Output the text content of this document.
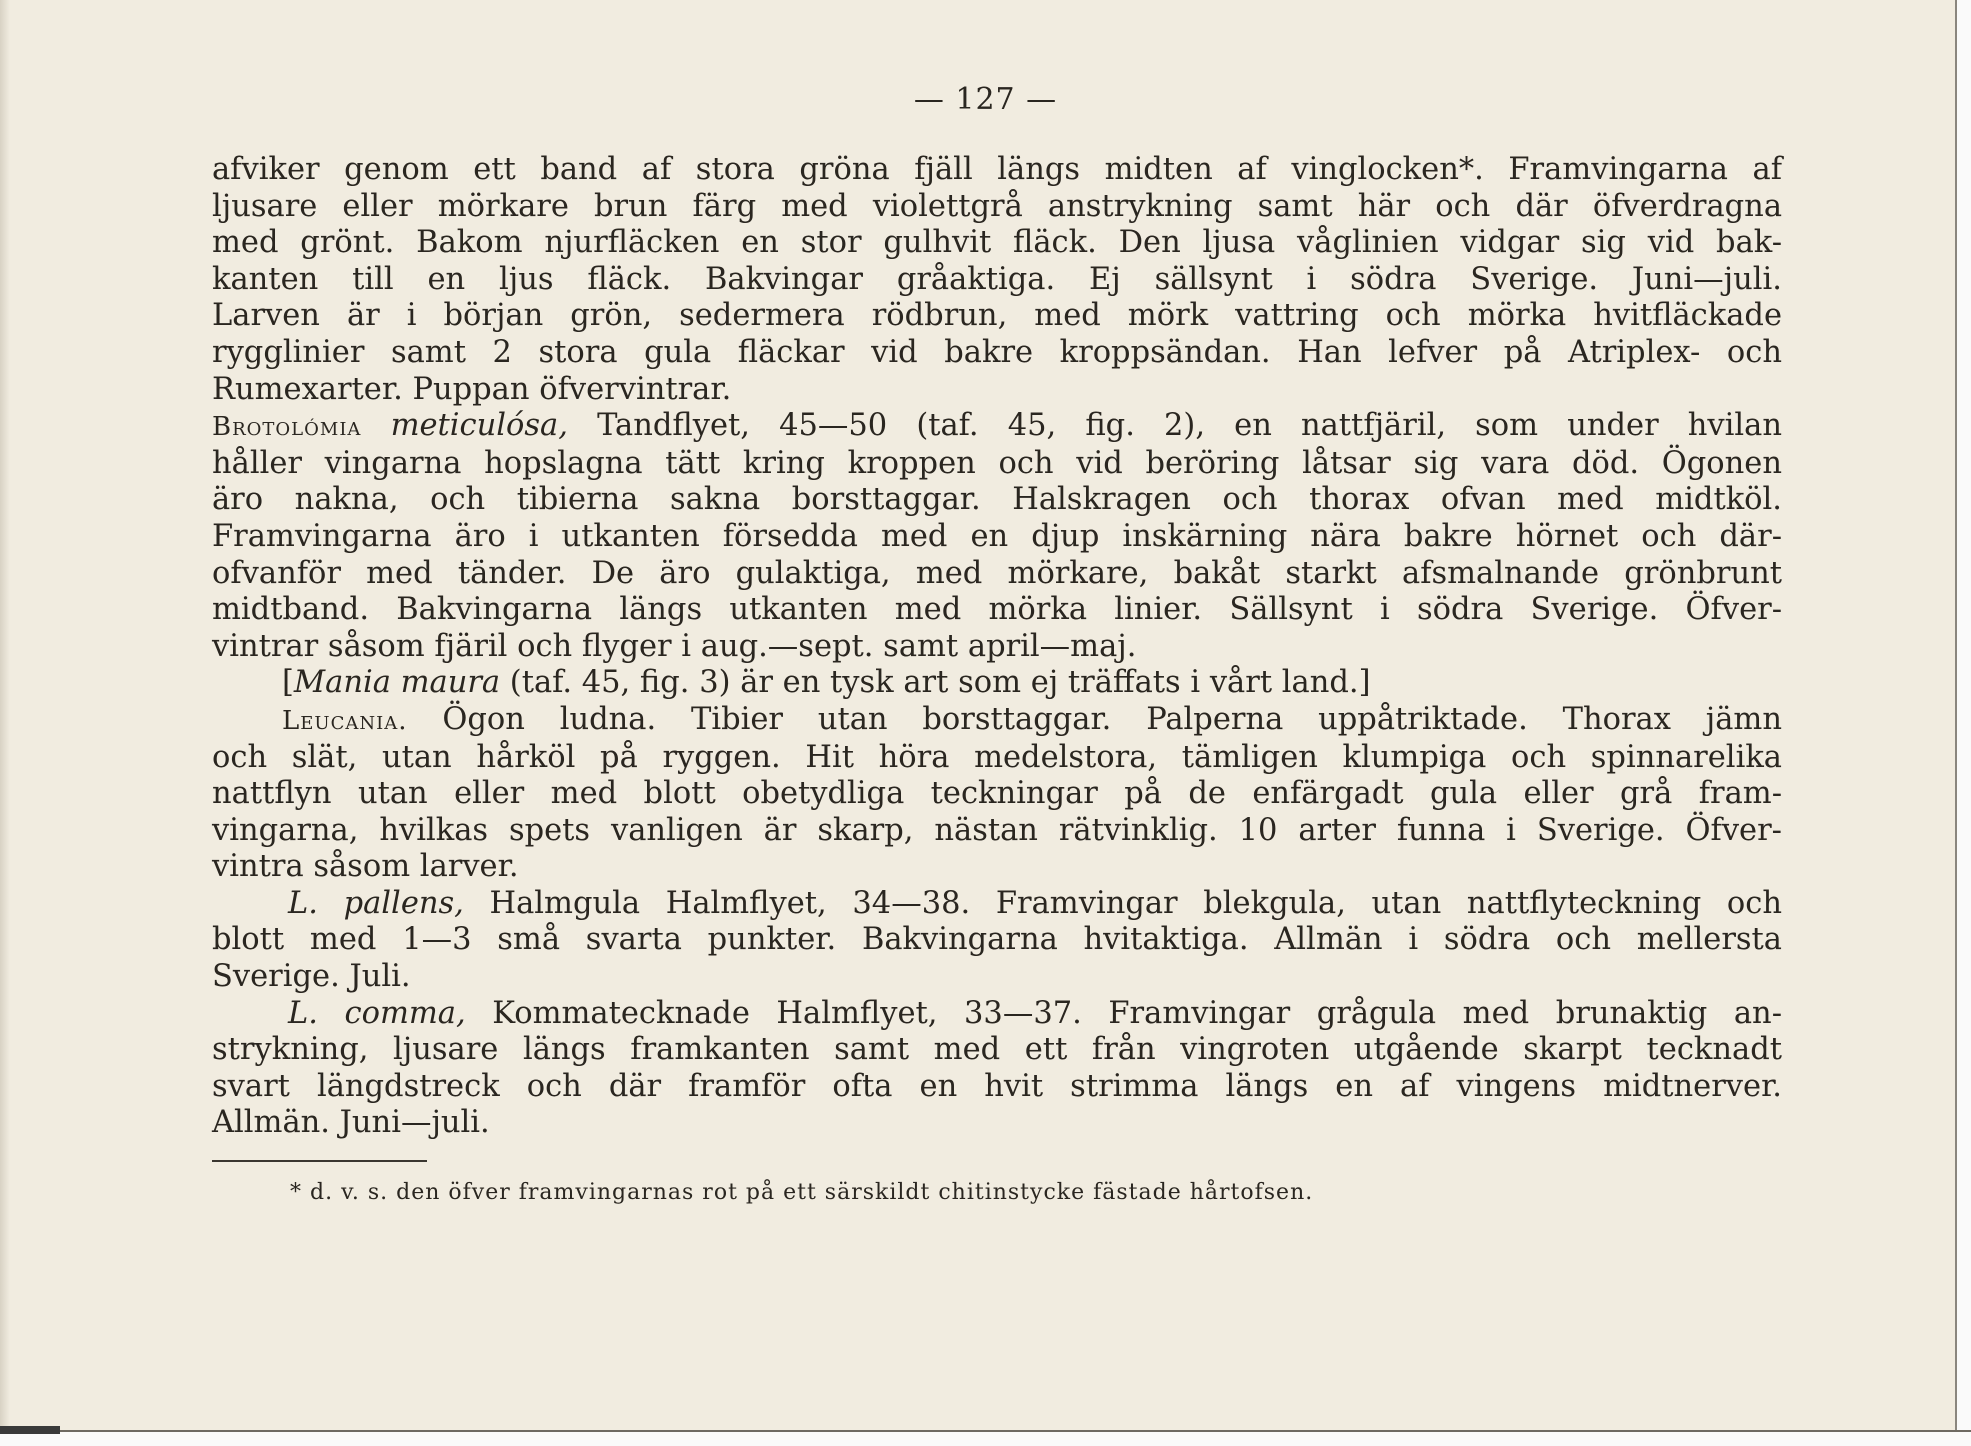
— 127 —
afviker genom ett band af stora gröna fjäll längs midten af vinglocken*. Framvingarna af
ljusare eller mörkare brun färg med violettgrå anstrykning samt här och där öfverdragna
med grönt. Bakom njurfläcken en stor gulhvit fläck. Den ljusa våglinien vidgar sig vid bak-
kanten till en ljus fläck. Bakvingar gråaktiga. Ej sällsynt i södra Sverige. Juni—juli.
Larven är i början grön, sedermera rödbrun, med mörk vattring och mörka hvitfläckade
rygglinier samt 2 stora gula fläckar vid bakre kroppsändan. Han lefver på Atriplex- och
Rumexarter. Puppan öfvervintrar.
Brotolómia meticulósa, Tandflyet, 45—50 (taf. 45, fig. 2), en nattfjäril, som under hvilan
håller vingarna hopslagna tätt kring kroppen och vid beröring låtsar sig vara död. Ögonen
äro nakna, och tibierna sakna borsttaggar. Halskragen och thorax ofvan med midtköl.
Framvingarna äro i utkanten försedda med en djup inskärning nära bakre hörnet och där-
ofvanför med tänder. De äro gulaktiga, med mörkare, bakåt starkt afsmalnande grönbrunt
midtband. Bakvingarna längs utkanten med mörka linier. Sällsynt i södra Sverige. Öfver-
vintrar såsom fjäril och flyger i aug.—sept. samt april—maj.
[Mania maura (taf. 45, fig. 3) är en tysk art som ej träffats i vårt land.]
Leucania. Ögon ludna. Tibier utan borsttaggar. Palperna uppåtriktade. Thorax jämn
och slät, utan hårköl på ryggen. Hit höra medelstora, tämligen klumpiga och spinnarelika
nattflyn utan eller med blott obetydliga teckningar på de enfärgadt gula eller grå fram-
vingarna, hvilkas spets vanligen är skarp, nästan rätvinklig. 10 arter funna i Sverige. Öfver-
vintra såsom larver.
L. pallens, Halmgula Halmflyet, 34—38. Framvingar blekgula, utan nattflyteckning och
blott med 1—3 små svarta punkter. Bakvingarna hvitaktiga. Allmän i södra och mellersta
Sverige. Juli.
L. comma, Kommatecknade Halmflyet, 33—37. Framvingar grågula med brunaktig an-
strykning, ljusare längs framkanten samt med ett från vingroten utgående skarpt tecknadt
svart längdstreck och där framför ofta en hvit strimma längs en af vingens midtnerver.
Allmän. Juni—juli.
* d. v. s. den öfver framvingarnas rot på ett särskildt chitinstycke fästade hårtofsen.
